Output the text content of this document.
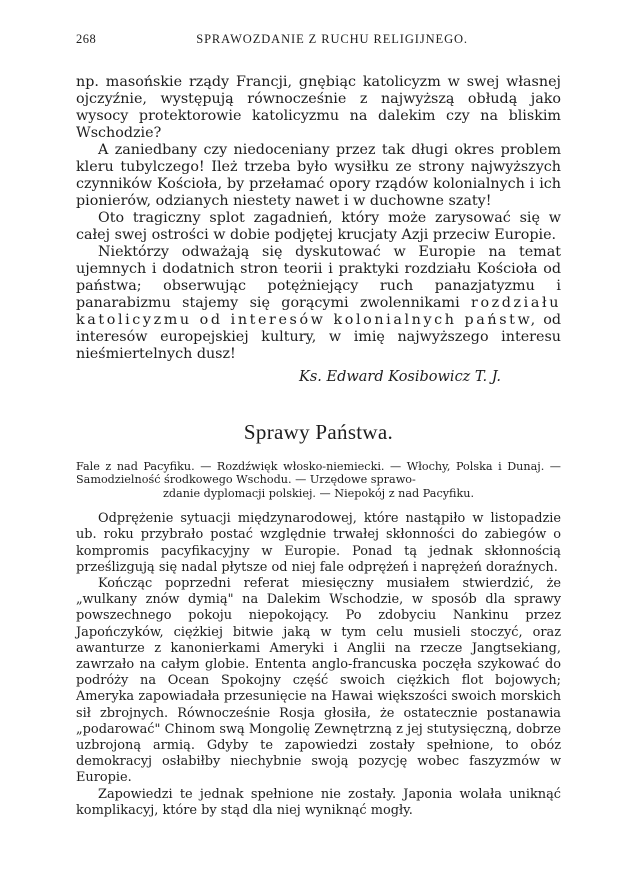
268	SPRAWOZDANIE Z RUCHU RELIGIJNEGO.

np. masońskie rządy Francji, gnębiąc katolicyzm w swej własnej ojczyźnie, występują równocześnie z najwyższą obłudą jako wysocy protektorowie katolicyzmu na dalekim czy na bliskim Wschodzie?

A zaniedbany czy niedoceniany przez tak długi okres problem kleru tubylczego! Ileż trzeba było wysiłku ze strony najwyższych czynników Kościoła, by przełamać opory rządów kolonialnych i ich pionierów, odzianych niestety nawet i w duchowne szaty!

Oto tragiczny splot zagadnień, który może zarysować się w całej swej ostrości w dobie podjętej krucjaty Azji przeciw Europie.

Niektórzy odważają się dyskutować w Europie na temat ujemnych i dodatnich stron teorii i praktyki rozdziału Kościoła od państwa; obserwując potężniejący ruch panazjatyzmu i panarabizmu stajemy się gorącymi zwolennikami rozdziału katolicyzmu od interesów kolonialnych państw, od interesów europejskiej kultury, w imię najwyższego interesu nieśmiertelnych dusz!

Ks. Edward Kosibowicz T. J.
Sprawy Państwa.
Fale z nad Pacyfiku. — Rozdźwięk włosko-niemiecki. — Włochy, Polska i Dunaj. — Samodzielność środkowego Wschodu. — Urzędowe sprawo-
zdanie dyplomacji polskiej. — Niepokój z nad Pacyfiku.

Odprężenie sytuacji międzynarodowej, które nastąpiło w listopadzie ub. roku przybrało postać względnie trwałej skłonności do zabiegów o kompromis pacyfikacyjny w Europie. Ponad tą jednak skłonnością prześlizgują się nadal płytsze od niej fale odprężeń i naprężeń doraźnych.

Kończąc poprzedni referat miesięczny musiałem stwierdzić, że „wulkany znów dymią" na Dalekim Wschodzie, w sposób dla sprawy powszechnego pokoju niepokojący. Po zdobyciu Nankinu przez Japończyków, ciężkiej bitwie jaką w tym celu musieli stoczyć, oraz awanturze z kanonierkami Ameryki i Anglii na rzecze Jangtsekiang, zawrzało na całym globie. Ententa anglo-francuska poczęła szykować do podróży na Ocean Spokojny część swoich ciężkich flot bojowych; Ameryka zapowiadała przesunięcie na Hawai większości swoich morskich sił zbrojnych. Równocześnie Rosja głosiła, że ostatecznie postanawia „podarować" Chinom swą Mongolię Zewnętrzną z jej stutysięczną, dobrze uzbrojoną armią. Gdyby te zapowiedzi zostały spełnione, to obóz demokracyj osłabiłby niechybnie swoją pozycję wobec faszyzmów w Europie.

Zapowiedzi te jednak spełnione nie zostały. Japonia wolała uniknąć komplikacyj, które by stąd dla niej wyniknąć mogły.
